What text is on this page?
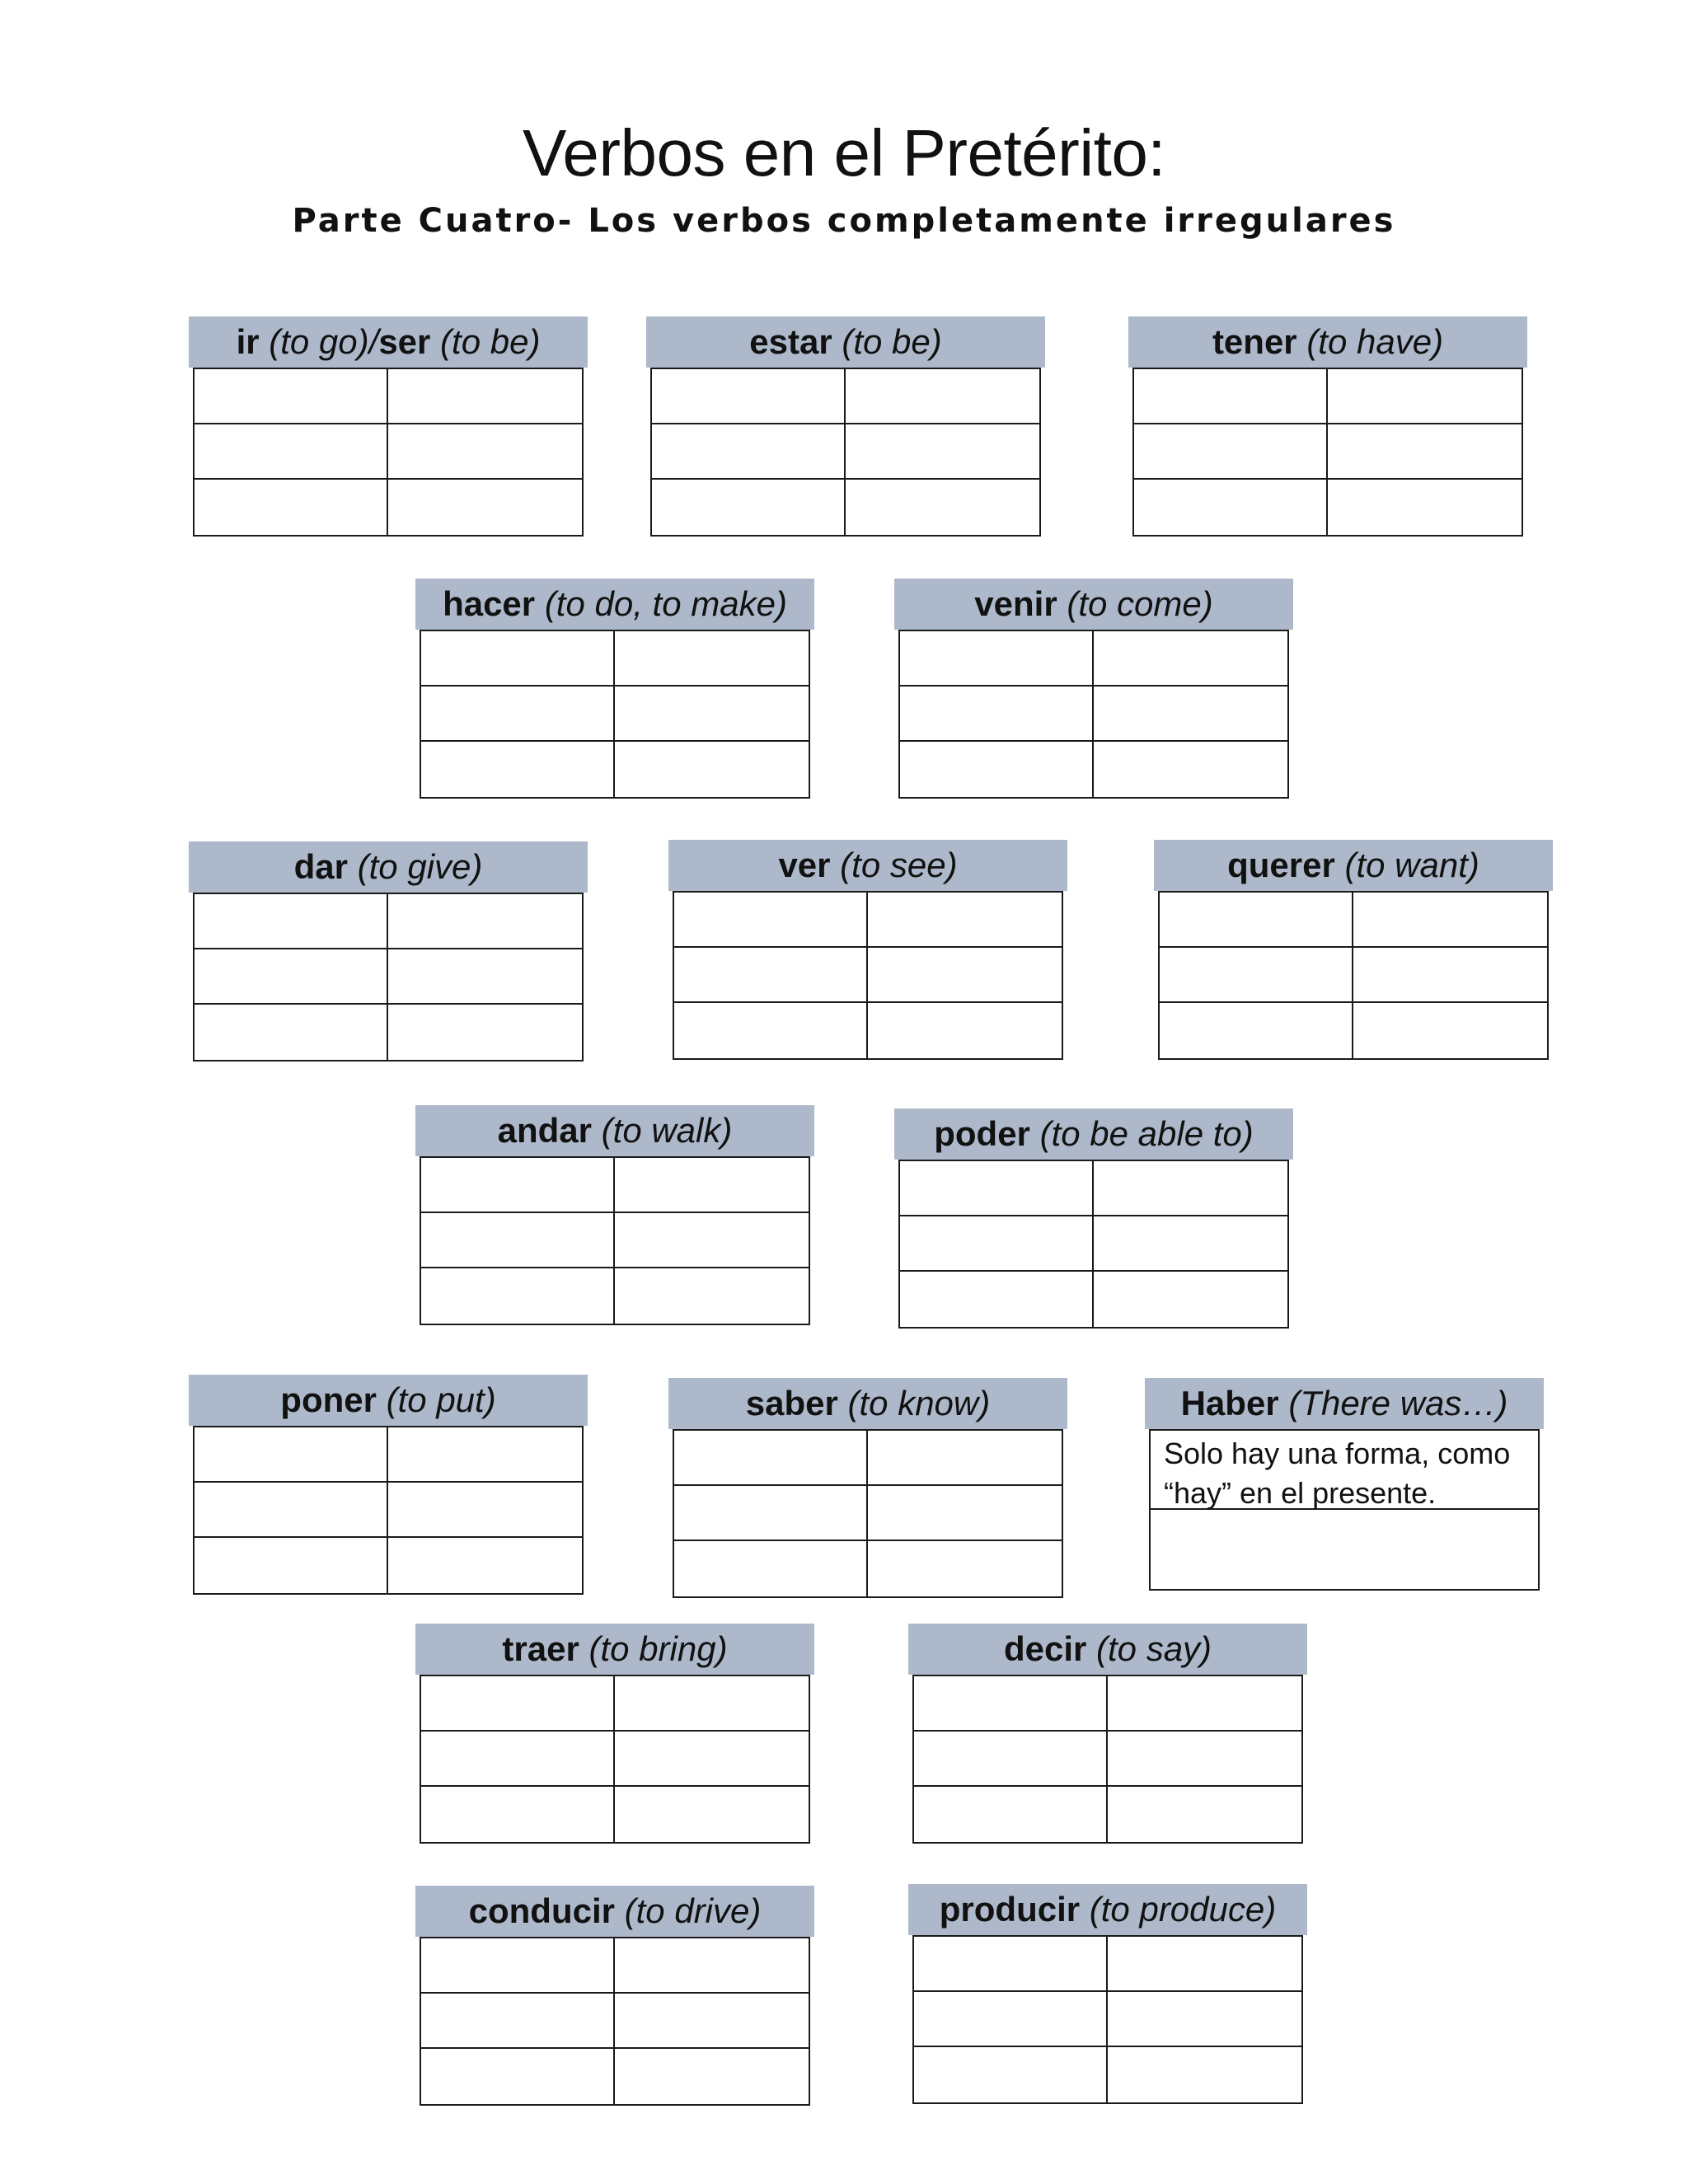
Verbos en el Pretérito:
Parte Cuatro- Los verbos completamente irregulares
ir
(to go) / ser
(to be)	estar
(to be)	tener
(to have)
hacer
(to do, to make)	venir
(to come)
dar
(to give)	ver
(to see)	querer
(to want)
andar
(to walk)	poder
(to be able to)
poner
(to put)	saber
(to know)	Haber
(There was…)
Solo hay una forma, como “hay” en el presente.
traer
(to bring)	decir
(to say)
conducir
(to drive)	producir
(to produce)
